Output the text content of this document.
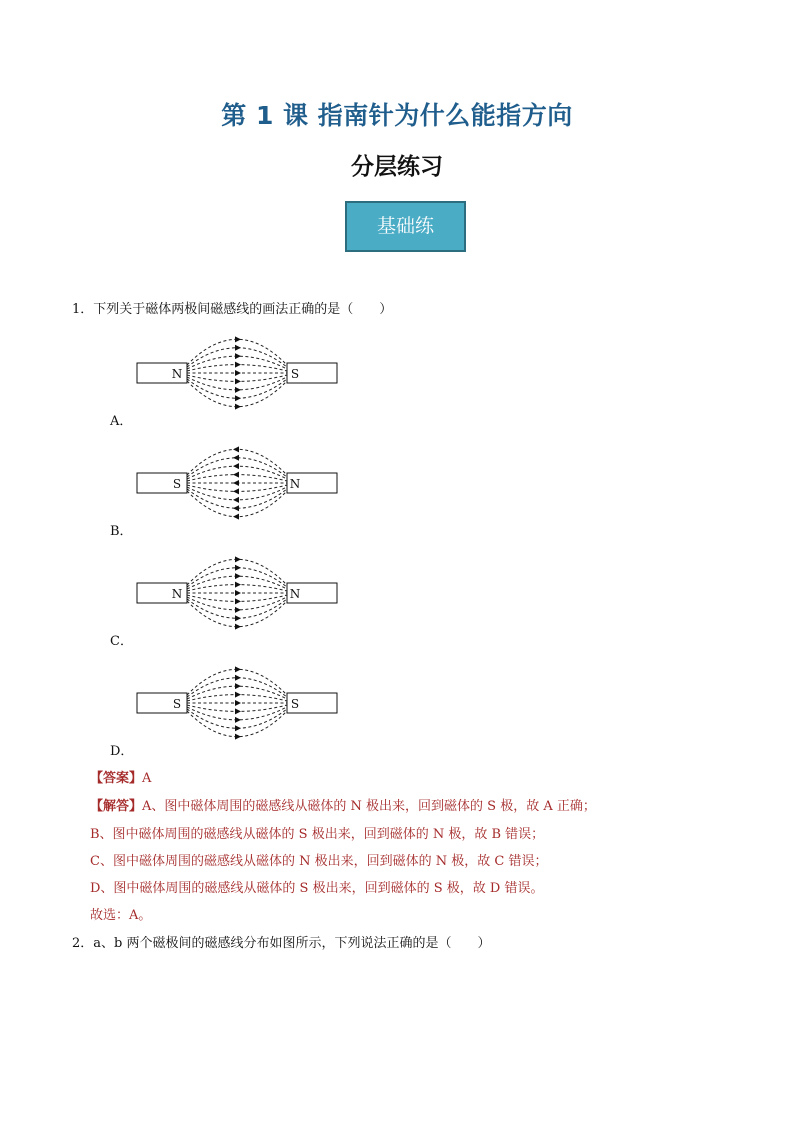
第 1 课 指南针为什么能指方向
分层练习
基础练
1．下列关于磁体两极间磁感线的画法正确的是（　　）
N	S
A．
S	N
B．
N	N
C．
S	S
D．
【答案】A
【解答】A、图中磁体周围的磁感线从磁体的 N 极出来，回到磁体的 S 极，故 A 正确；
B、图中磁体周围的磁感线从磁体的 S 极出来，回到磁体的 N 极，故 B 错误；
C、图中磁体周围的磁感线从磁体的 N 极出来，回到磁体的 N 极，故 C 错误；
D、图中磁体周围的磁感线从磁体的 S 极出来，回到磁体的 S 极，故 D 错误。
故选：A。
2．a、b 两个磁极间的磁感线分布如图所示，下列说法正确的是（　　）
